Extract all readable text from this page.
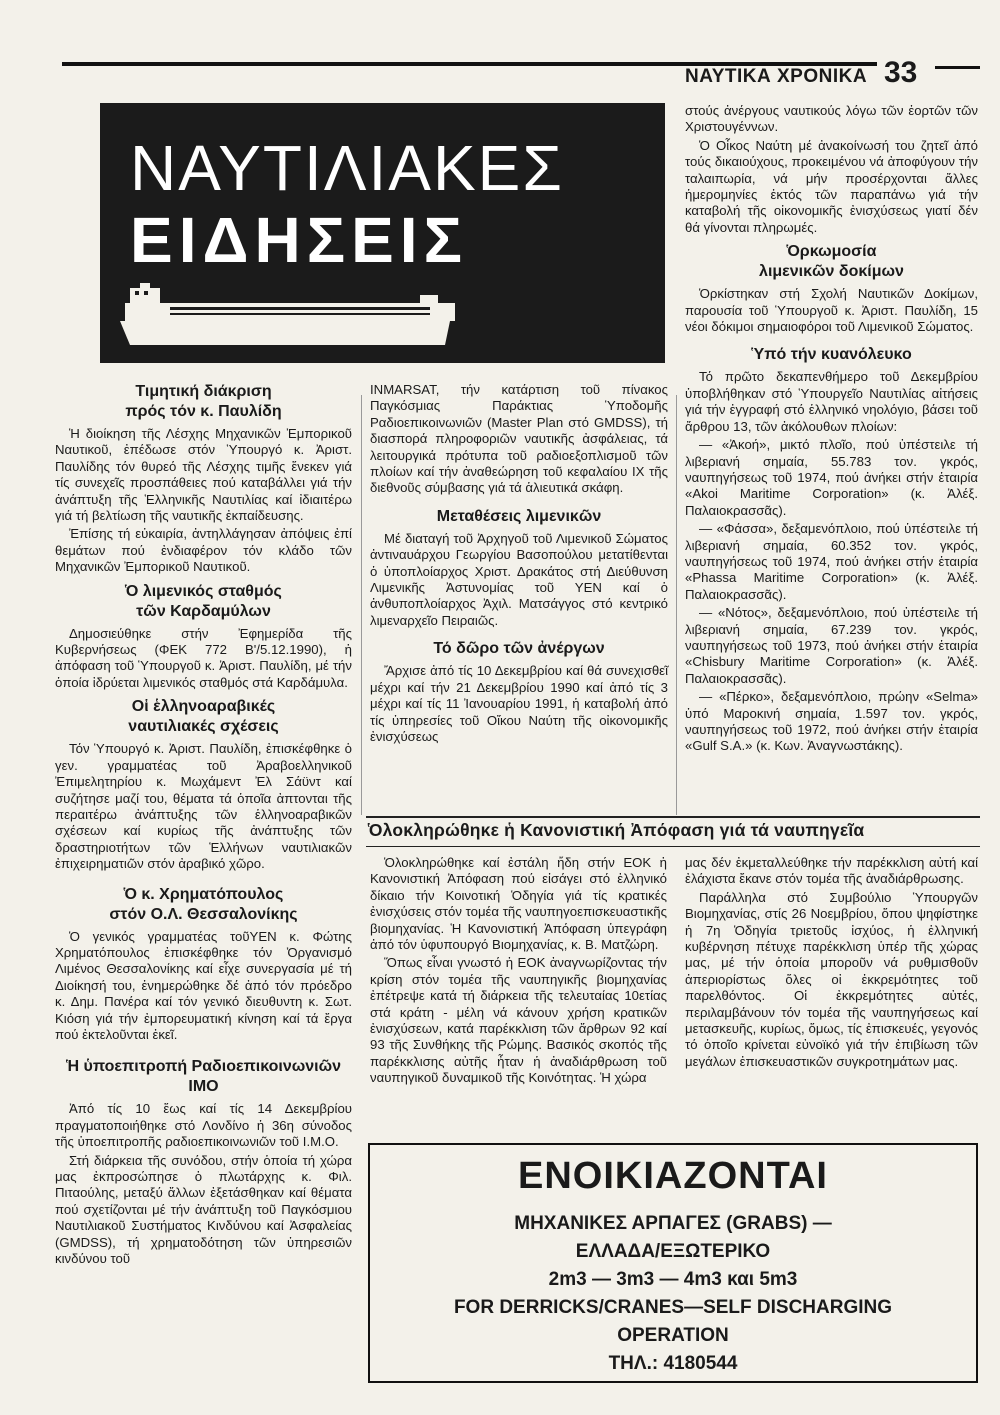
ΝΑΥΤΙΚΑ ΧΡΟΝΙΚΑ 33
ΝΑΥΤΙΛΙΑΚΕΣ
ΕΙΔΗΣΕΙΣ
Τιμητική διάκριση
πρός τόν κ. Παυλίδη

Ἡ διοίκηση τῆς Λέσχης Μηχανικῶν Ἐμπορικοῦ Ναυτικοῦ, ἐπέδωσε στόν Ὑπουργό κ. Ἀριστ. Παυλίδης τόν θυρεό τῆς Λέσχης τιμῆς ἕνεκεν γιά τίς συνεχεῖς προσπάθειες πού καταβάλλει γιά τήν ἀνάπτυξη τῆς Ἑλληνικῆς Ναυτιλίας καί ἰδιαιτέρω γιά τή βελτίωση τῆς ναυτικῆς ἐκπαίδευσης.

Ἐπίσης τή εὐκαιρία, ἀντηλλάγησαν ἀπόψεις ἐπί θεμάτων πού ἐνδιαφέρον τόν κλάδο τῶν Μηχανικῶν Ἐμπορικοῦ Ναυτικοῦ.

Ὁ λιμενικός σταθμός
τῶν Καρδαμύλων

Δημοσιεύθηκε στήν Ἐφημερίδα τῆς Κυβερνήσεως (ΦΕΚ 772 Β'/5.12.1990), ἡ ἀπόφαση τοῦ Ὑπουργοῦ κ. Ἀριστ. Παυλίδη, μέ τήν ὁποία ἱδρύεται λιμενικός σταθμός στά Καρδάμυλα.

Οἱ ἑλληνοαραβικές
ναυτιλιακές σχέσεις

Τόν Ὑπουργό κ. Ἀριστ. Παυλίδη, ἐπισκέφθηκε ὁ γεν. γραμματέας τοῦ Ἀραβοελληνικοῦ Ἐπιμελητηρίου κ. Μωχάμεντ Ἐλ Σάϋντ καί συζήτησε μαζί του, θέματα τά ὁποῖα ἀπτονται τῆς περαιτέρω ἀνάπτυξης τῶν ἑλληνοαραβικῶν σχέσεων καί κυρίως τῆς ἀνάπτυξης τῶν δραστηριοτήτων τῶν Ἑλλήνων ναυτιλιακῶν ἐπιχειρηματιῶν στόν ἀραβικό χῶρο.

Ὁ κ. Χρηματόπουλος
στόν Ο.Λ. Θεσσαλονίκης

Ὁ γενικός γραμματέας τοῦΥΕΝ κ. Φώτης Χρηματόπουλος ἐπισκέφθηκε τόν Ὀργανισμό Λιμένος Θεσσαλονίκης καί εἶχε συνεργασία μέ τή Διοίκησή του, ἐνημερώθηκε δέ ἀπό τόν πρόεδρο κ. Δημ. Πανέρα καί τόν γενικό διευθυντη κ. Σωτ. Κιόση γιά τήν ἐμπορευματική κίνηση καί τά ἔργα πού ἐκτελοῦνται ἐκεῖ.

Ἡ ὑποεπιτροπή Ραδιοεπικοινωνιῶν ΙΜΟ

Ἀπό τίς 10 ἕως καί τίς 14 Δεκεμβρίου πραγματοποιήθηκε στό Λονδίνο ἡ 36η σύνοδος τῆς ὑποεπιτροπῆς ραδιοεπικοινωνιῶν τοῦ Ι.Μ.Ο.

Στή διάρκεια τῆς συνόδου, στήν ὁποία τή χώρα μας ἐκπροσώπησε ὁ πλωτάρχης κ. Φιλ. Πιταούλης, μεταξύ ἄλλων ἐξετάσθηκαν καί θέματα πού σχετίζονται μέ τήν ἀνάπτυξη τοῦ Παγκόσμιου Ναυτιλιακοῦ Συστήματος Κινδύνου καί Ἀσφαλείας (GMDSS), τή χρηματοδότηση τῶν ὑπηρεσιῶν κινδύνου τοῦ

INMARSAT, τήν κατάρτιση τοῦ πίνακος Παγκόσμιας Παράκτιας Ὑποδομῆς Ραδιοεπικοινωνιῶν (Master Plan στό GMDSS), τή διασπορά πληροφοριῶν ναυτικῆς ἀσφάλειας, τά λειτουργικά πρότυπα τοῦ ραδιοεξοπλισμοῦ τῶν πλοίων καί τήν ἀναθεώρηση τοῦ κεφαλαίου ΙΧ τῆς διεθνοῦς σύμβασης γιά τά ἁλιευτικά σκάφη.

Μεταθέσεις λιμενικῶν

Μέ διαταγή τοῦ Ἀρχηγοῦ τοῦ Λιμενικοῦ Σώματος ἀντιναυάρχου Γεωργίου Βασοπούλου μετατίθενται ὁ ὑποπλοίαρχος Χριστ. Δρακάτος στή Διεύθυνση Λιμενικῆς Ἀστυνομίας τοῦ ΥΕΝ καί ὁ ἀνθυποπλοίαρχος Ἀχιλ. Ματσάγγος στό κεντρικό λιμεναρχεῖο Πειραιῶς.

Τό δῶρο τῶν ἀνέργων

Ἄρχισε ἀπό τίς 10 Δεκεμβρίου καί θά συνεχισθεῖ μέχρι καί τήν 21 Δεκεμβρίου 1990 καί ἀπό τίς 3 μέχρι καί τίς 11 Ἰανουαρίου 1991, ἡ καταβολή ἀπό τίς ὑπηρεσίες τοῦ Οἴκου Ναύτη τῆς οἰκονομικῆς ἐνισχύσεως

στούς ἀνέργους ναυτικούς λόγω τῶν ἑορτῶν τῶν Χριστουγέννων.

Ὁ Οἶκος Ναύτη μέ ἀνακοίνωσή του ζητεῖ ἀπό τούς δικαιούχους, προκειμένου νά ἀποφύγουν τήν ταλαιπωρία, νά μήν προσέρχονται ἄλλες ἡμερομηνίες ἐκτός τῶν παραπάνω γιά τήν καταβολή τῆς οἰκονομικῆς ἐνισχύσεως γιατί δέν θά γίνονται πληρωμές.

Ὁρκωμοσία
λιμενικῶν δοκίμων

Ὁρκίστηκαν στή Σχολή Ναυτικῶν Δοκίμων, παρουσία τοῦ Ὑπουργοῦ κ. Ἀριστ. Παυλίδη, 15 νέοι δόκιμοι σημαιοφόροι τοῦ Λιμενικοῦ Σώματος.

Ὑπό τήν κυανόλευκο

Τό πρῶτο δεκαπενθήμερο τοῦ Δεκεμβρίου ὑποβλήθηκαν στό Ὑπουργεῖο Ναυτιλίας αἰτήσεις γιά τήν ἐγγραφή στό ἑλληνικό νηολόγιο, βάσει τοῦ ἄρθρου 13, τῶν ἀκόλουθων πλοίων:

— «Ἀκοή», μικτό πλοῖο, πού ὑπέστειλε τή λιβεριανή σημαία, 55.783 τον. γκρός, ναυπηγήσεως τοῦ 1974, πού ἀνήκει στήν ἑταιρία «Akoi Maritime Corporation» (κ. Ἀλέξ. Παλαιοκρασσᾶς).

— «Φάσσα», δεξαμενόπλοιο, πού ὑπέστειλε τή λιβεριανή σημαία, 60.352 τον. γκρός, ναυπηγήσεως τοῦ 1974, πού ἀνήκει στήν ἑταιρία «Phassa Maritime Corporation» (κ. Ἀλέξ. Παλαιοκρασσᾶς).

— «Νότος», δεξαμενόπλοιο, πού ὑπέστειλε τή λιβεριανή σημαία, 67.239 τον. γκρός, ναυπηγήσεως τοῦ 1973, πού ἀνήκει στήν ἑταιρία «Chisbury Maritime Corporation» (κ. Ἀλέξ. Παλαιοκρασσᾶς).

— «Πέρκο», δεξαμενόπλοιο, πρώην «Selma» ὑπό Μαροκινή σημαία, 1.597 τον. γκρός, ναυπηγήσεως τοῦ 1972, πού ἀνήκει στήν ἑταιρία «Gulf S.A.» (κ. Κων. Ἀναγνωστάκης).

Ὁλοκληρώθηκε ἡ Κανονιστική Ἀπόφαση γιά τά ναυπηγεῖα

Ὁλοκληρώθηκε καί ἐστάλη ἤδη στήν ΕΟΚ ἡ Κανονιστική Ἀπόφαση πού εἰσάγει στό ἑλληνικό δίκαιο τήν Κοινοτική Ὁδηγία γιά τίς κρατικές ἐνισχύσεις στόν τομέα τῆς ναυπηγοεπισκευαστικῆς βιομηχανίας. Ἡ Κανονιστική Ἀπόφαση ὑπεγράφη ἀπό τόν ὑφυπουργό Βιομηχανίας, κ. Β. Ματζώρη.

Ὅπως εἶναι γνωστό ἡ ΕΟΚ ἀναγνωρίζοντας τήν κρίση στόν τομέα τῆς ναυπηγικῆς βιομηχανίας ἐπέτρεψε κατά τή διάρκεια τῆς τελευταίας 10ετίας στά κράτη - μέλη νά κάνουν χρήση κρατικῶν ἐνισχύσεων, κατά παρέκκλιση τῶν ἄρθρων 92 καί 93 τῆς Συνθήκης τῆς Ρώμης. Βασικός σκοπός τῆς παρέκκλισης αὐτῆς ἦταν ἡ ἀναδιάρθρωση τοῦ ναυπηγικοῦ δυναμικοῦ τῆς Κοινότητας. Ἡ χώρα

μας δέν ἐκμεταλλεύθηκε τήν παρέκκλιση αὐτή καί ἐλάχιστα ἔκανε στόν τομέα τῆς ἀναδιάρθρωσης.

Παράλληλα στό Συμβούλιο Ὑπουργῶν Βιομηχανίας, στίς 26 Νοεμβρίου, ὅπου ψηφίστηκε ἡ 7η Ὁδηγία τριετοῦς ἰσχύος, ἡ ἑλληνική κυβέρνηση πέτυχε παρέκκλιση ὑπέρ τῆς χώρας μας, μέ τήν ὁποία μποροῦν νά ρυθμισθοῦν ἀπεριορίστως ὅλες οἱ ἐκκρεμότητες τοῦ παρελθόντος. Οἱ ἐκκρεμότητες αὐτές, περιλαμβάνουν τόν τομέα τῆς ναυπηγήσεως καί μετασκευῆς, κυρίως, ὅμως, τίς ἐπισκευές, γεγονός τό ὁποῖο κρίνεται εὐνοϊκό γιά τήν ἐπιβίωση τῶν μεγάλων ἐπισκευαστικῶν συγκροτημάτων μας.

ΕΝΟΙΚΙΑΖΟΝΤΑΙ
ΜΗΧΑΝΙΚΕΣ ΑΡΠΑΓΕΣ (GRABS) —
ΕΛΛΑΔΑ/ΕΞΩΤΕΡΙΚΟ
2m3 — 3m3 — 4m3 και 5m3
FOR DERRICKS/CRANES—SELF DISCHARGING
OPERATION
ΤΗΛ.: 4180544
